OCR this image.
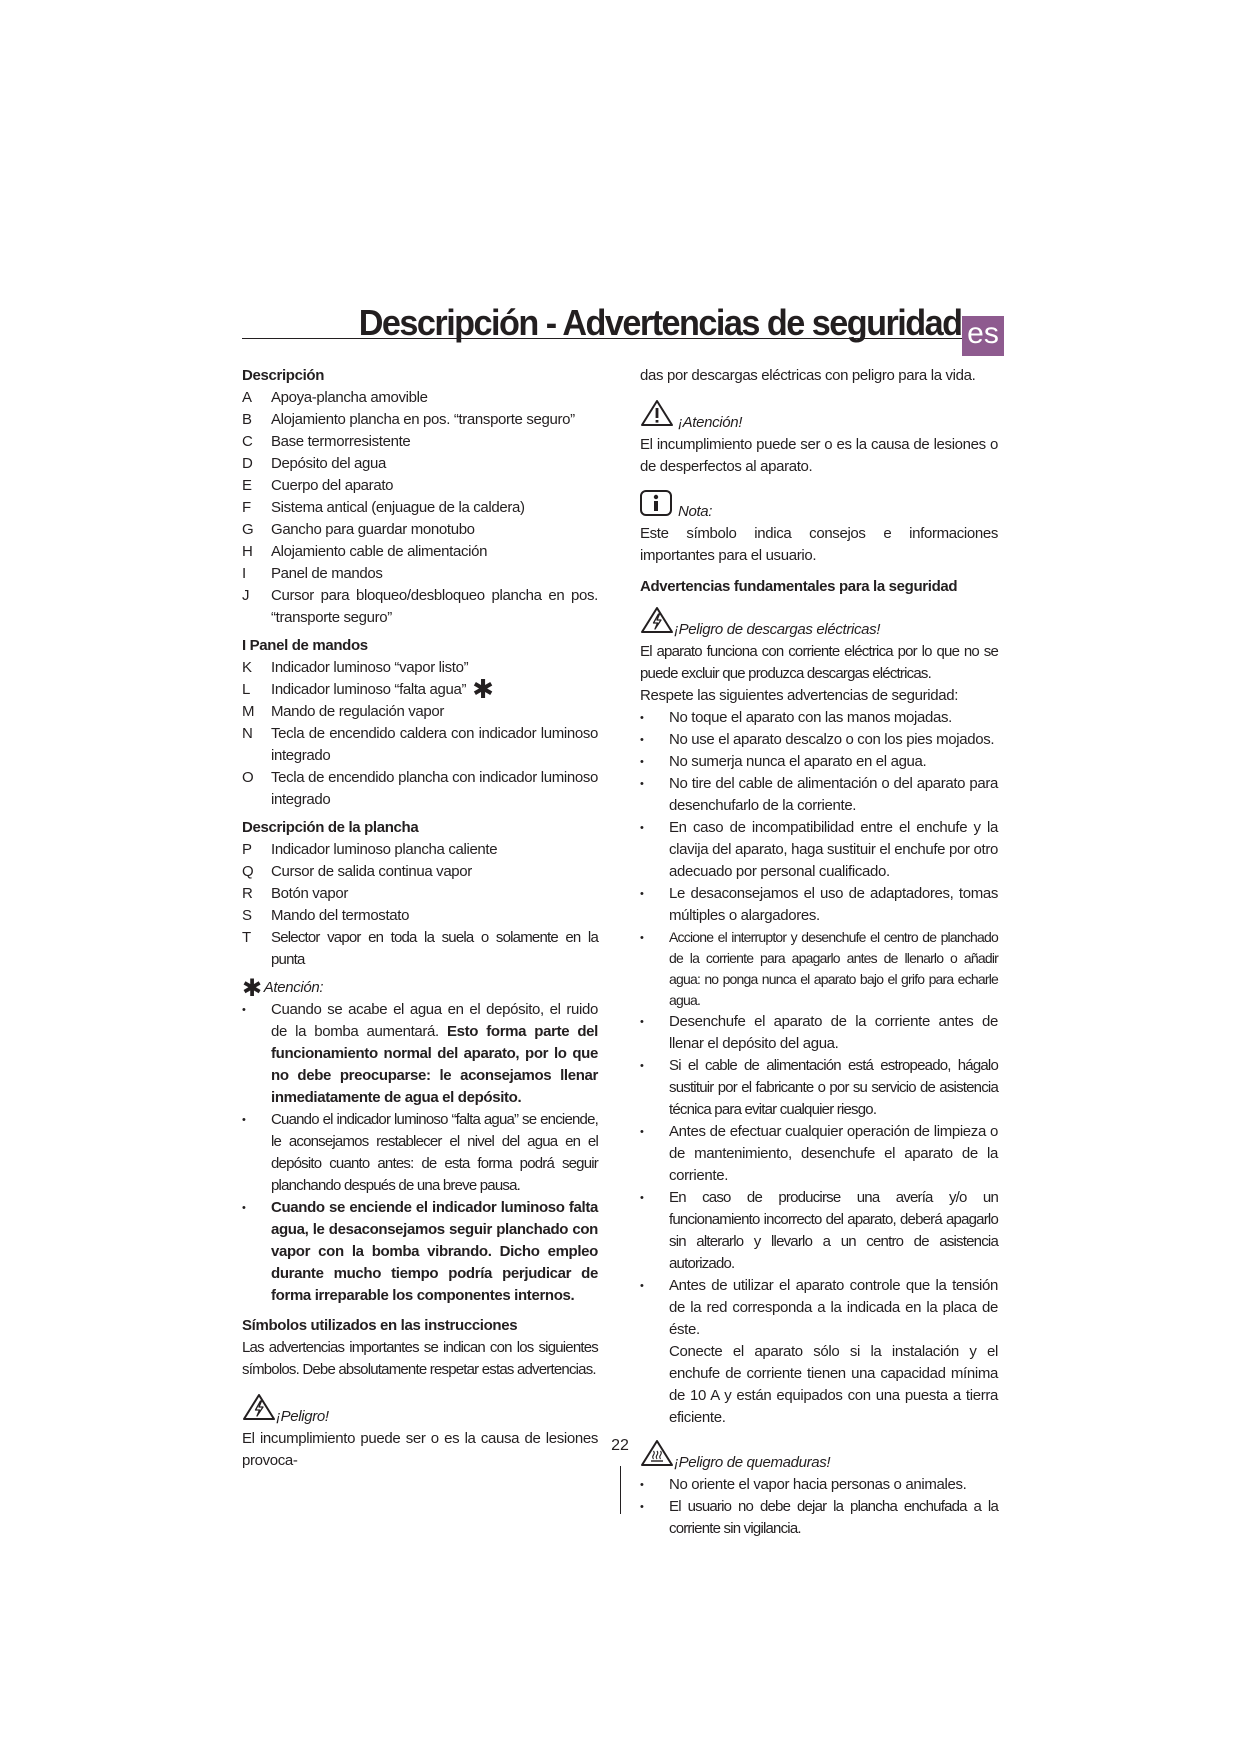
Descripción - Advertencias de seguridad es

Descripción

A	Apoya-plancha amovible
B	Alojamiento plancha en pos. “transporte seguro”
C	Base termorresistente
D	Depósito del agua
E	Cuerpo del aparato
F	Sistema antical (enjuague de la caldera)
G	Gancho para guardar monotubo
H	Alojamiento cable de alimentación
I	Panel de mandos
J	Cursor para bloqueo/desbloqueo plancha en pos. “transporte seguro”

I Panel de mandos

K	Indicador luminoso “vapor listo”
L	Indicador luminoso “falta agua” ✱
M	Mando de regulación vapor
N	Tecla de encendido caldera con indicador luminoso integrado
O	Tecla de encendido plancha con indicador luminoso integrado

Descripción de la plancha

P	Indicador luminoso plancha caliente
Q	Cursor de salida continua vapor
R	Botón vapor
S	Mando del termostato
T	Selector vapor en toda la suela o solamente en la punta
✱ Atención:
•	Cuando se acabe el agua en el depósito, el ruido de la bomba aumentará. Esto forma parte del funcionamiento normal del aparato, por lo que no debe preocuparse: le aconsejamos llenar inmediatamente de agua el depósito.
•	Cuando el indicador luminoso “falta agua” se enciende, le aconsejamos restablecer el nivel del agua en el depósito cuanto antes: de esta forma podrá seguir planchando después de una breve pausa.
•	Cuando se enciende el indicador luminoso falta agua, le desaconsejamos seguir planchado con vapor con la bomba vibrando. Dicho empleo durante mucho tiempo podría perjudicar de forma irreparable los componentes internos.

Símbolos utilizados en las instrucciones

Las advertencias importantes se indican con los siguientes símbolos. Debe absolutamente respetar estas advertencias.

¡Peligro!

El incumplimiento puede ser o es la causa de lesiones provoca-

das por descargas eléctricas con peligro para la vida.

¡Atención!

El incumplimiento puede ser o es la causa de lesiones o de desperfectos al aparato.

Nota:

Este símbolo indica consejos e informaciones importantes para el usuario.

Advertencias fundamentales para la seguridad

¡Peligro de descargas eléctricas!

El aparato funciona con corriente eléctrica por lo que no se puede excluir que produzca descargas eléctricas.

Respete las siguientes advertencias de seguridad:

•	No toque el aparato con las manos mojadas.
•	No use el aparato descalzo o con los pies mojados.
•	No sumerja nunca el aparato en el agua.
•	No tire del cable de alimentación o del aparato para desenchufarlo de la corriente.
•	En caso de incompatibilidad entre el enchufe y la clavija del aparato, haga sustituir el enchufe por otro adecuado por personal cualificado.
•	Le desaconsejamos el uso de adaptadores, tomas múltiples o alargadores.
•	Accione el interruptor y desenchufe el centro de planchado de la corriente para apagarlo antes de llenarlo o añadir agua: no ponga nunca el aparato bajo el grifo para echarle agua.
•	Desenchufe el aparato de la corriente antes de llenar el depósito del agua.
•	Si el cable de alimentación está estropeado, hágalo sustituir por el fabricante o por su servicio de asistencia técnica para evitar cualquier riesgo.
•	Antes de efectuar cualquier operación de limpieza o de mantenimiento, desenchufe el aparato de la corriente.
•	En caso de producirse una avería y/o un funcionamiento incorrecto del aparato, deberá apagarlo sin alterarlo y llevarlo a un centro de asistencia autorizado.
•	Antes de utilizar el aparato controle que la tensión de la red corresponda a la indicada en la placa de éste.
Conecte el aparato sólo si la instalación y el enchufe de corriente tienen una capacidad mínima de 10 A y están equipados con una puesta a tierra eficiente.
¡Peligro de quemaduras!
•	No oriente el vapor hacia personas o animales.
•	El usuario no debe dejar la plancha enchufada a la corriente sin vigilancia.
22
